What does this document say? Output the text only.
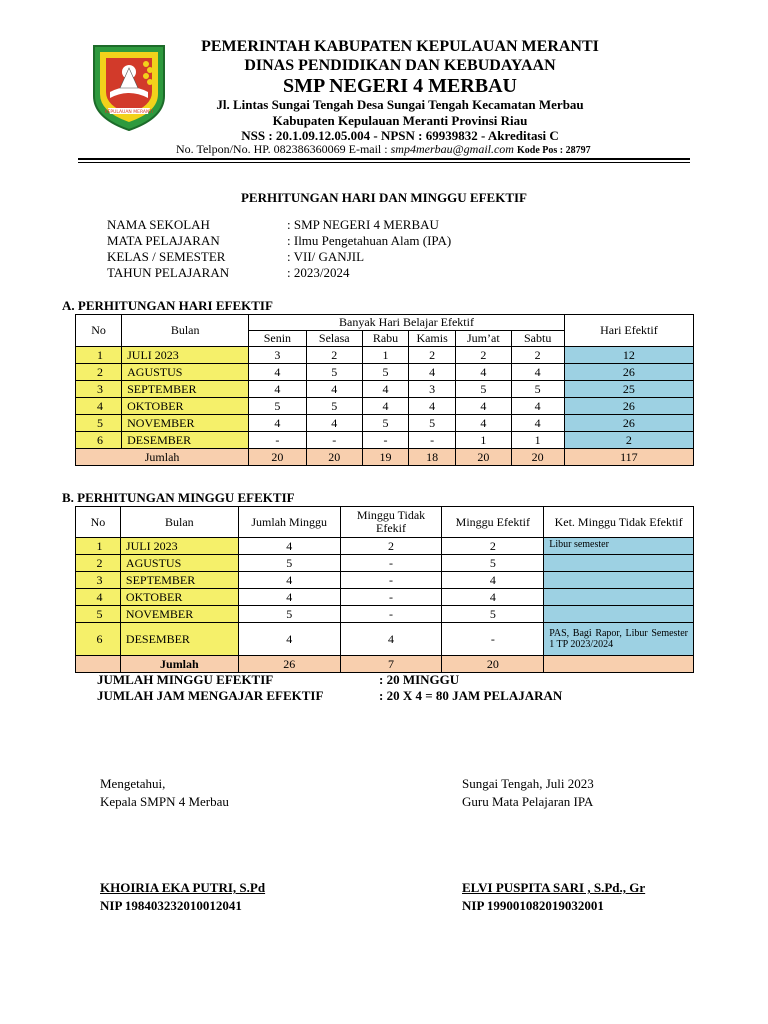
KEPULAUAN MERANTI
PEMERINTAH KABUPATEN KEPULAUAN MERANTI
DINAS PENDIDIKAN DAN KEBUDAYAAN
SMP NEGERI 4 MERBAU
Jl. Lintas Sungai Tengah Desa Sungai Tengah Kecamatan Merbau
Kabupaten Kepulauan Meranti Provinsi Riau
NSS : 20.1.09.12.05.004 - NPSN : 69939832 - Akreditasi C
No. Telpon/No. HP. 082386360069 E-mail : smp4merbau@gmail.com Kode Pos : 28797
PERHITUNGAN HARI DAN MINGGU EFEKTIF
NAMA SEKOLAH	: SMP NEGERI 4 MERBAU
MATA PELAJARAN	: Ilmu Pengetahuan Alam (IPA)
KELAS / SEMESTER	: VII/ GANJIL
TAHUN PELAJARAN	: 2023/2024
A. PERHITUNGAN HARI EFEKTIF
No	Bulan	Banyak Hari Belajar Efektif						Hari Efektif
		Senin	Selasa	Rabu	Kamis	Jum’at	Sabtu	
1	JULI 2023	3	2	1	2	2	2	12
2	AGUSTUS	4	5	5	4	4	4	26
3	SEPTEMBER	4	4	4	3	5	5	25
4	OKTOBER	5	5	4	4	4	4	26
5	NOVEMBER	4	4	5	5	4	4	26
6	DESEMBER	-	-	-	-	1	1	2
Jumlah		20	20	19	18	20	20	117
B. PERHITUNGAN MINGGU EFEKTIF
No	Bulan	Jumlah Minggu	Minggu Tidak Efekif	Minggu Efektif	Ket. Minggu Tidak Efektif
1	JULI 2023	4	2	2	Libur semester
2	AGUSTUS	5	-	5	
3	SEPTEMBER	4	-	4	
4	OKTOBER	4	-	4	
5	NOVEMBER	5	-	5	
6	DESEMBER	4	4	-	PAS, Bagi Rapor, Libur Semester 1 TP 2023/2024
	Jumlah	26	7	20	
JUMLAH MINGGU EFEKTIF	: 20 MINGGU
JUMLAH JAM MENGAJAR EFEKTIF	: 20 X 4 = 80 JAM PELAJARAN
Mengetahui,
Kepala SMPN 4 Merbau
Sungai Tengah, Juli 2023
Guru Mata Pelajaran IPA
KHOIRIA EKA PUTRI, S.Pd
NIP 198403232010012041
ELVI PUSPITA SARI , S.Pd., Gr
NIP 199001082019032001
